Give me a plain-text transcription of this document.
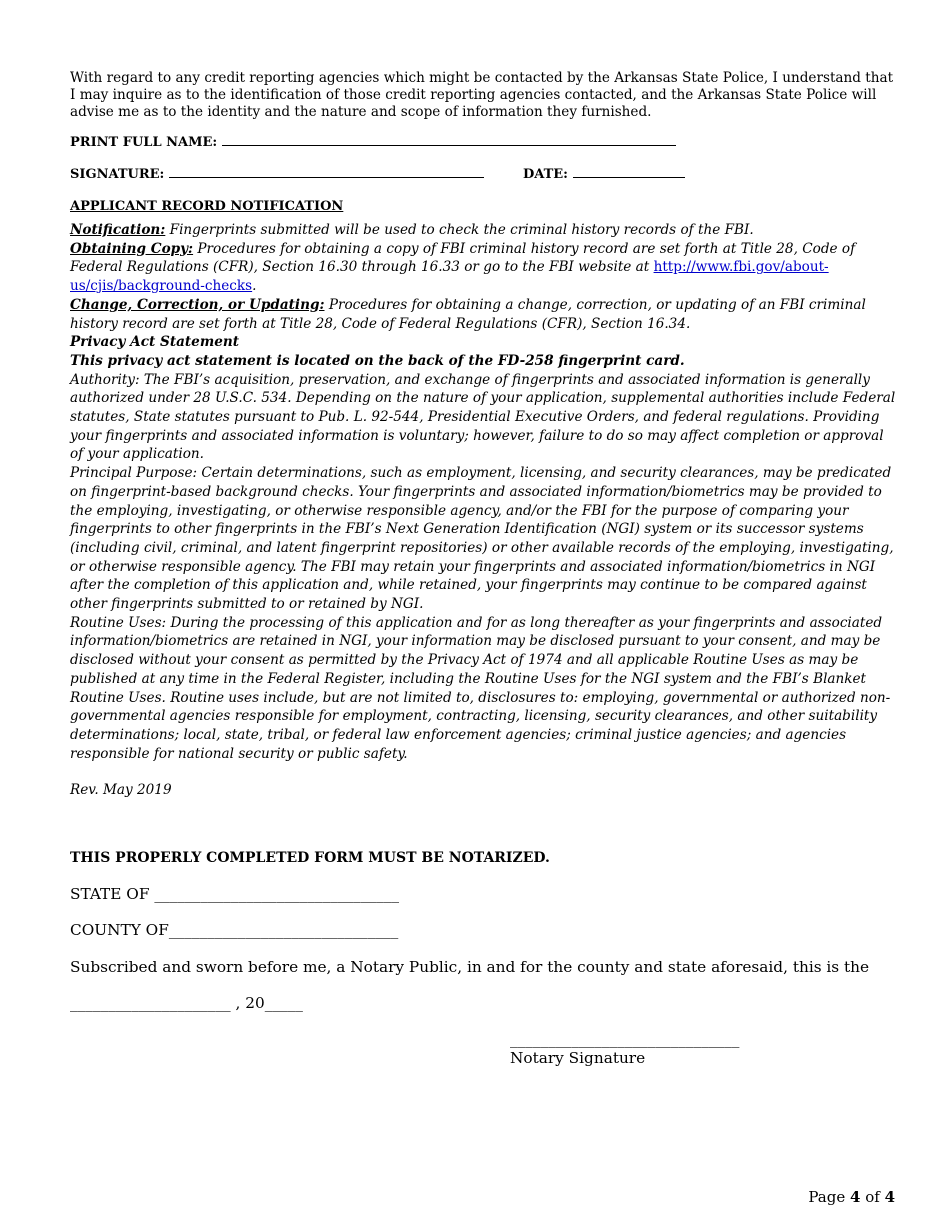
With regard to any credit reporting agencies which might be contacted by the Arkansas State Police, I understand that I may inquire as to the identification of those credit reporting agencies contacted, and the Arkansas State Police will advise me as to the identity and the nature and scope of information they furnished.

PRINT FULL NAME:

SIGNATURE:	DATE:

APPLICANT RECORD NOTIFICATION

Notification: Fingerprints submitted will be used to check the criminal history records of the FBI.

Obtaining Copy: Procedures for obtaining a copy of FBI criminal history record are set forth at Title 28, Code of Federal Regulations (CFR), Section 16.30 through 16.33 or go to the FBI website at http://www.fbi.gov/about-us/cjis/background-checks.

Change, Correction, or Updating: Procedures for obtaining a change, correction, or updating of an FBI criminal history record are set forth at Title 28, Code of Federal Regulations (CFR), Section 16.34.

Privacy Act Statement

This privacy act statement is located on the back of the FD-258 fingerprint card.

Authority: The FBI’s acquisition, preservation, and exchange of fingerprints and associated information is generally authorized under 28 U.S.C. 534. Depending on the nature of your application, supplemental authorities include Federal statutes, State statutes pursuant to Pub. L. 92-544, Presidential Executive Orders, and federal regulations. Providing your fingerprints and associated information is voluntary; however, failure to do so may affect completion or approval of your application.

Principal Purpose: Certain determinations, such as employment, licensing, and security clearances, may be predicated on fingerprint-based background checks. Your fingerprints and associated information/biometrics may be provided to the employing, investigating, or otherwise responsible agency, and/or the FBI for the purpose of comparing your fingerprints to other fingerprints in the FBI’s Next Generation Identification (NGI) system or its successor systems (including civil, criminal, and latent fingerprint repositories) or other available records of the employing, investigating, or otherwise responsible agency. The FBI may retain your fingerprints and associated information/biometrics in NGI after the completion of this application and, while retained, your fingerprints may continue to be compared against other fingerprints submitted to or retained by NGI.

Routine Uses: During the processing of this application and for as long thereafter as your fingerprints and associated information/biometrics are retained in NGI, your information may be disclosed pursuant to your consent, and may be disclosed without your consent as permitted by the Privacy Act of 1974 and all applicable Routine Uses as may be published at any time in the Federal Register, including the Routine Uses for the NGI system and the FBI’s Blanket Routine Uses. Routine uses include, but are not limited to, disclosures to: employing, governmental or authorized non-governmental agencies responsible for employment, contracting, licensing, security clearances, and other suitability determinations; local, state, tribal, or federal law enforcement agencies; criminal justice agencies; and agencies responsible for national security or public safety.

Rev. May 2019

THIS PROPERLY COMPLETED FORM MUST BE NOTARIZED.

STATE OF ________________________________

COUNTY OF______________________________

Subscribed and sworn before me, a Notary Public, in and for the county and state aforesaid, this is the

_____________________ , 20_____

______________________________

Notary Signature

Page 4 of 4
